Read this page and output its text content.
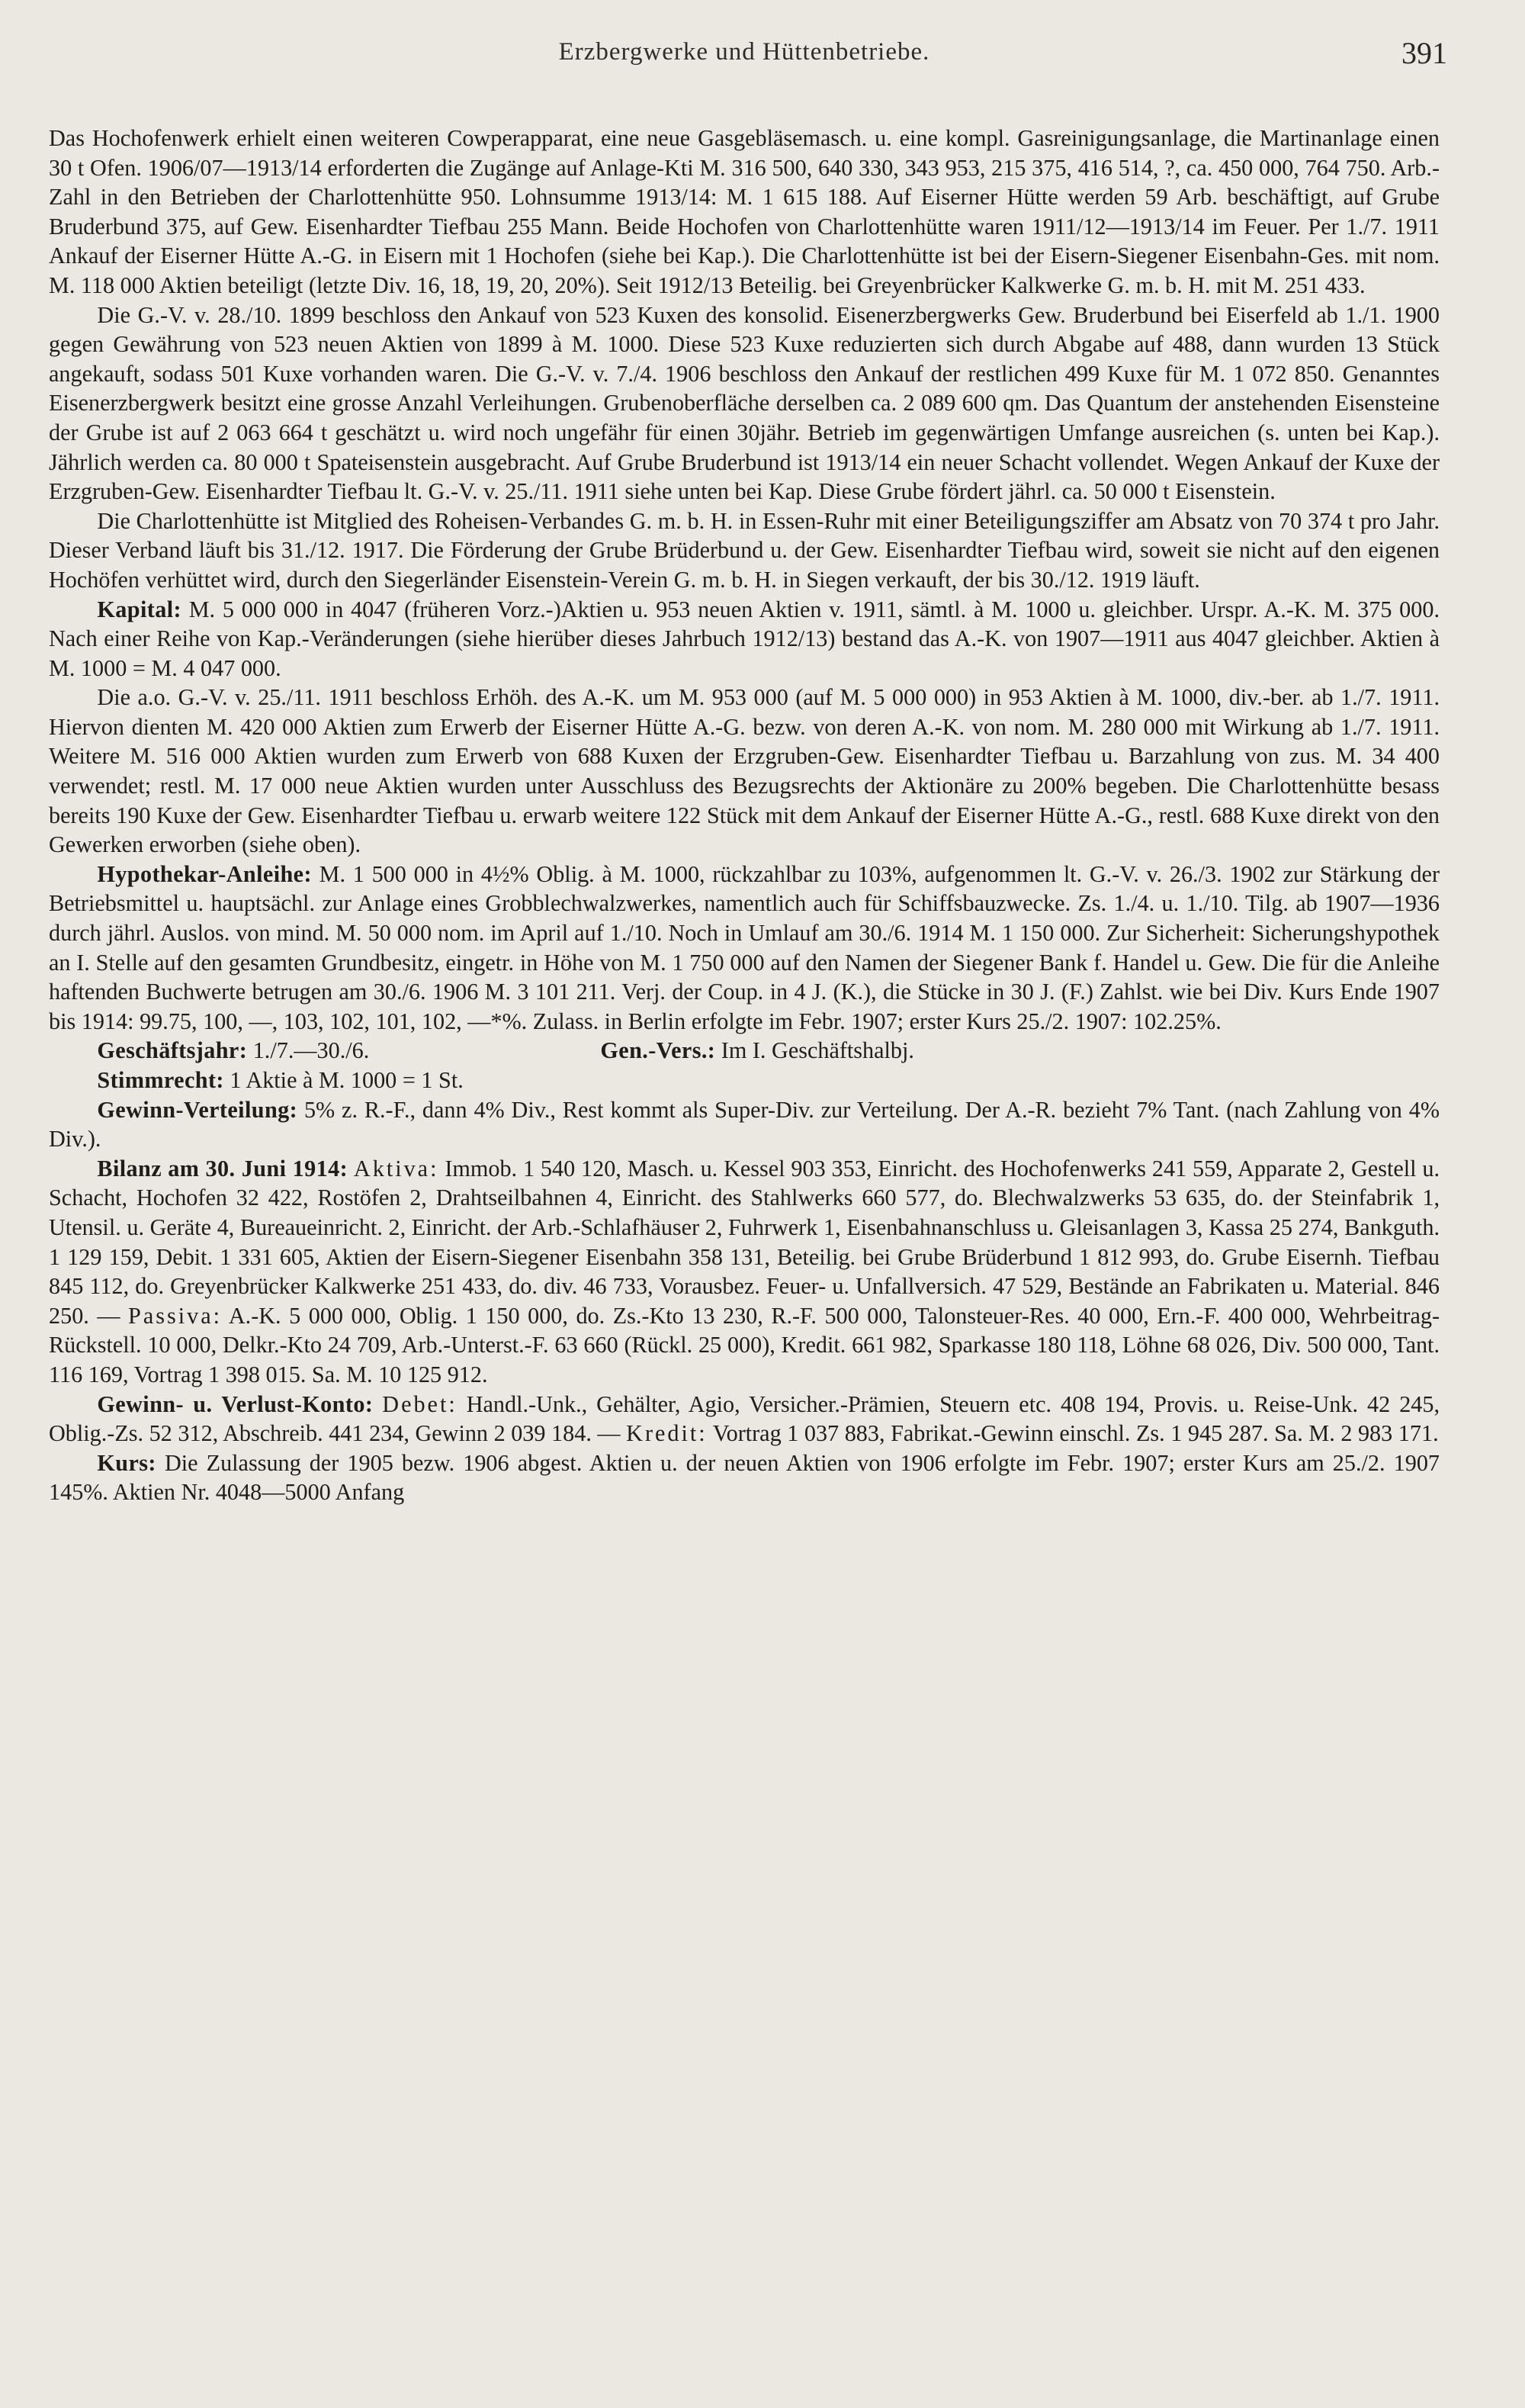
Erzbergwerke und Hüttenbetriebe.	391

Das Hochofenwerk erhielt einen weiteren Cowperapparat, eine neue Gasgebläsemasch. u. eine kompl. Gasreinigungsanlage, die Martinanlage einen 30 t Ofen. 1906/07—1913/14 erforderten die Zugänge auf Anlage-Kti M. 316 500, 640 330, 343 953, 215 375, 416 514, ?, ca. 450 000, 764 750. Arb.-Zahl in den Betrieben der Charlottenhütte 950. Lohnsumme 1913/14: M. 1 615 188. Auf Eiserner Hütte werden 59 Arb. beschäftigt, auf Grube Bruderbund 375, auf Gew. Eisenhardter Tiefbau 255 Mann. Beide Hochofen von Charlottenhütte waren 1911/12—1913/14 im Feuer. Per 1./7. 1911 Ankauf der Eiserner Hütte A.-G. in Eisern mit 1 Hochofen (siehe bei Kap.). Die Charlottenhütte ist bei der Eisern-Siegener Eisenbahn-Ges. mit nom. M. 118 000 Aktien beteiligt (letzte Div. 16, 18, 19, 20, 20%). Seit 1912/13 Beteilig. bei Greyenbrücker Kalkwerke G. m. b. H. mit M. 251 433.

Die G.-V. v. 28./10. 1899 beschloss den Ankauf von 523 Kuxen des konsolid. Eisenerzbergwerks Gew. Bruderbund bei Eiserfeld ab 1./1. 1900 gegen Gewährung von 523 neuen Aktien von 1899 à M. 1000. Diese 523 Kuxe reduzierten sich durch Abgabe auf 488, dann wurden 13 Stück angekauft, sodass 501 Kuxe vorhanden waren. Die G.-V. v. 7./4. 1906 beschloss den Ankauf der restlichen 499 Kuxe für M. 1 072 850. Genanntes Eisenerzbergwerk besitzt eine grosse Anzahl Verleihungen. Grubenoberfläche derselben ca. 2 089 600 qm. Das Quantum der anstehenden Eisensteine der Grube ist auf 2 063 664 t geschätzt u. wird noch ungefähr für einen 30jähr. Betrieb im gegenwärtigen Umfange ausreichen (s. unten bei Kap.). Jährlich werden ca. 80 000 t Spateisenstein ausgebracht. Auf Grube Bruderbund ist 1913/14 ein neuer Schacht vollendet. Wegen Ankauf der Kuxe der Erzgruben-Gew. Eisenhardter Tiefbau lt. G.-V. v. 25./11. 1911 siehe unten bei Kap. Diese Grube fördert jährl. ca. 50 000 t Eisenstein.

Die Charlottenhütte ist Mitglied des Roheisen-Verbandes G. m. b. H. in Essen-Ruhr mit einer Beteiligungsziffer am Absatz von 70 374 t pro Jahr. Dieser Verband läuft bis 31./12. 1917. Die Förderung der Grube Brüderbund u. der Gew. Eisenhardter Tiefbau wird, soweit sie nicht auf den eigenen Hochöfen verhüttet wird, durch den Siegerländer Eisenstein-Verein G. m. b. H. in Siegen verkauft, der bis 30./12. 1919 läuft.

Kapital: M. 5 000 000 in 4047 (früheren Vorz.-)Aktien u. 953 neuen Aktien v. 1911, sämtl. à M. 1000 u. gleichber. Urspr. A.-K. M. 375 000. Nach einer Reihe von Kap.-Veränderungen (siehe hierüber dieses Jahrbuch 1912/13) bestand das A.-K. von 1907—1911 aus 4047 gleichber. Aktien à M. 1000 = M. 4 047 000.

Die a.o. G.-V. v. 25./11. 1911 beschloss Erhöh. des A.-K. um M. 953 000 (auf M. 5 000 000) in 953 Aktien à M. 1000, div.-ber. ab 1./7. 1911. Hiervon dienten M. 420 000 Aktien zum Erwerb der Eiserner Hütte A.-G. bezw. von deren A.-K. von nom. M. 280 000 mit Wirkung ab 1./7. 1911. Weitere M. 516 000 Aktien wurden zum Erwerb von 688 Kuxen der Erzgruben-Gew. Eisenhardter Tiefbau u. Barzahlung von zus. M. 34 400 verwendet; restl. M. 17 000 neue Aktien wurden unter Ausschluss des Bezugsrechts der Aktionäre zu 200% begeben. Die Charlottenhütte besass bereits 190 Kuxe der Gew. Eisenhardter Tiefbau u. erwarb weitere 122 Stück mit dem Ankauf der Eiserner Hütte A.-G., restl. 688 Kuxe direkt von den Gewerken erworben (siehe oben).

Hypothekar-Anleihe: M. 1 500 000 in 4½% Oblig. à M. 1000, rückzahlbar zu 103%, aufgenommen lt. G.-V. v. 26./3. 1902 zur Stärkung der Betriebsmittel u. hauptsächl. zur Anlage eines Grobblechwalzwerkes, namentlich auch für Schiffsbauzwecke. Zs. 1./4. u. 1./10. Tilg. ab 1907—1936 durch jährl. Auslos. von mind. M. 50 000 nom. im April auf 1./10. Noch in Umlauf am 30./6. 1914 M. 1 150 000. Zur Sicherheit: Sicherungshypothek an I. Stelle auf den gesamten Grundbesitz, eingetr. in Höhe von M. 1 750 000 auf den Namen der Siegener Bank f. Handel u. Gew. Die für die Anleihe haftenden Buchwerte betrugen am 30./6. 1906 M. 3 101 211. Verj. der Coup. in 4 J. (K.), die Stücke in 30 J. (F.) Zahlst. wie bei Div. Kurs Ende 1907 bis 1914: 99.75, 100, —, 103, 102, 101, 102, —*%. Zulass. in Berlin erfolgte im Febr. 1907; erster Kurs 25./2. 1907: 102.25%.

Geschäftsjahr: 1./7.—30./6.	Gen.-Vers.: Im I. Geschäftshalbj.

Stimmrecht: 1 Aktie à M. 1000 = 1 St.

Gewinn-Verteilung: 5% z. R.-F., dann 4% Div., Rest kommt als Super-Div. zur Verteilung. Der A.-R. bezieht 7% Tant. (nach Zahlung von 4% Div.).

Bilanz am 30. Juni 1914: Aktiva: Immob. 1 540 120, Masch. u. Kessel 903 353, Einricht. des Hochofenwerks 241 559, Apparate 2, Gestell u. Schacht, Hochofen 32 422, Rostöfen 2, Drahtseilbahnen 4, Einricht. des Stahlwerks 660 577, do. Blechwalzwerks 53 635, do. der Steinfabrik 1, Utensil. u. Geräte 4, Bureaueinricht. 2, Einricht. der Arb.-Schlafhäuser 2, Fuhrwerk 1, Eisenbahnanschluss u. Gleisanlagen 3, Kassa 25 274, Bankguth. 1 129 159, Debit. 1 331 605, Aktien der Eisern-Siegener Eisenbahn 358 131, Beteilig. bei Grube Brüderbund 1 812 993, do. Grube Eisernh. Tiefbau 845 112, do. Greyenbrücker Kalkwerke 251 433, do. div. 46 733, Vorausbez. Feuer- u. Unfallversich. 47 529, Bestände an Fabrikaten u. Material. 846 250. — Passiva: A.-K. 5 000 000, Oblig. 1 150 000, do. Zs.-Kto 13 230, R.-F. 500 000, Talonsteuer-Res. 40 000, Ern.-F. 400 000, Wehrbeitrag-Rückstell. 10 000, Delkr.-Kto 24 709, Arb.-Unterst.-F. 63 660 (Rückl. 25 000), Kredit. 661 982, Sparkasse 180 118, Löhne 68 026, Div. 500 000, Tant. 116 169, Vortrag 1 398 015. Sa. M. 10 125 912.

Gewinn- u. Verlust-Konto: Debet: Handl.-Unk., Gehälter, Agio, Versicher.-Prämien, Steuern etc. 408 194, Provis. u. Reise-Unk. 42 245, Oblig.-Zs. 52 312, Abschreib. 441 234, Gewinn 2 039 184. — Kredit: Vortrag 1 037 883, Fabrikat.-Gewinn einschl. Zs. 1 945 287. Sa. M. 2 983 171.

Kurs: Die Zulassung der 1905 bezw. 1906 abgest. Aktien u. der neuen Aktien von 1906 erfolgte im Febr. 1907; erster Kurs am 25./2. 1907 145%. Aktien Nr. 4048—5000 Anfang
